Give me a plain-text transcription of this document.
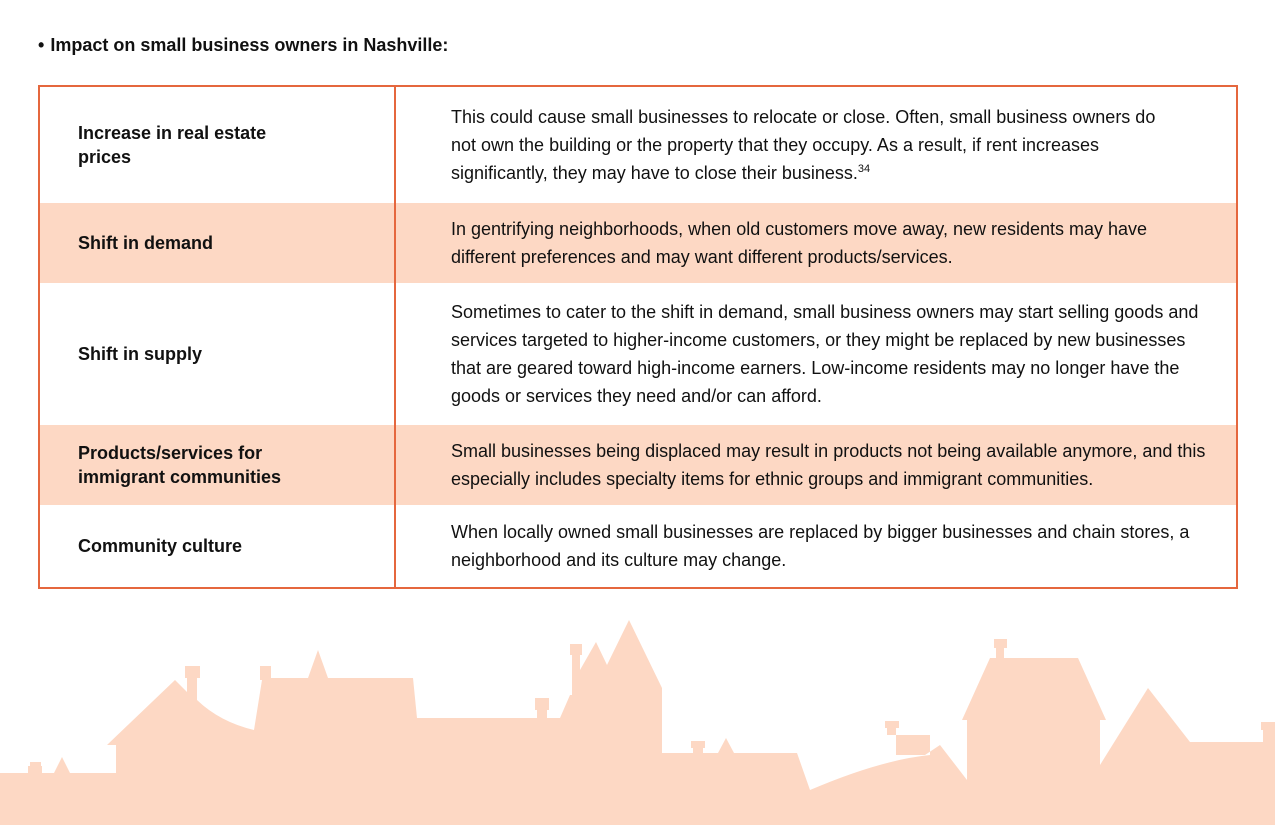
• Impact on small business owners in Nashville:
Increase in real estate prices
This could cause small businesses to relocate or close. Often, small business owners do not own the building or the property that they occupy. As a result, if rent increases significantly, they may have to close their business.$^{34}$
Shift in demand
In gentrifying neighborhoods, when old customers move away, new residents may have different preferences and may want different products/services.
Shift in supply
Sometimes to cater to the shift in demand, small business owners may start selling goods and services targeted to higher-income customers, or they might be replaced by new businesses that are geared toward high-income earners. Low-income residents may no longer have the goods or services they need and/or can afford.
Products/services for immigrant communities
Small businesses being displaced may result in products not being available anymore, and this especially includes specialty items for ethnic groups and immigrant communities.
Community culture
When locally owned small businesses are replaced by bigger businesses and chain stores, a neighborhood and its culture may change.
